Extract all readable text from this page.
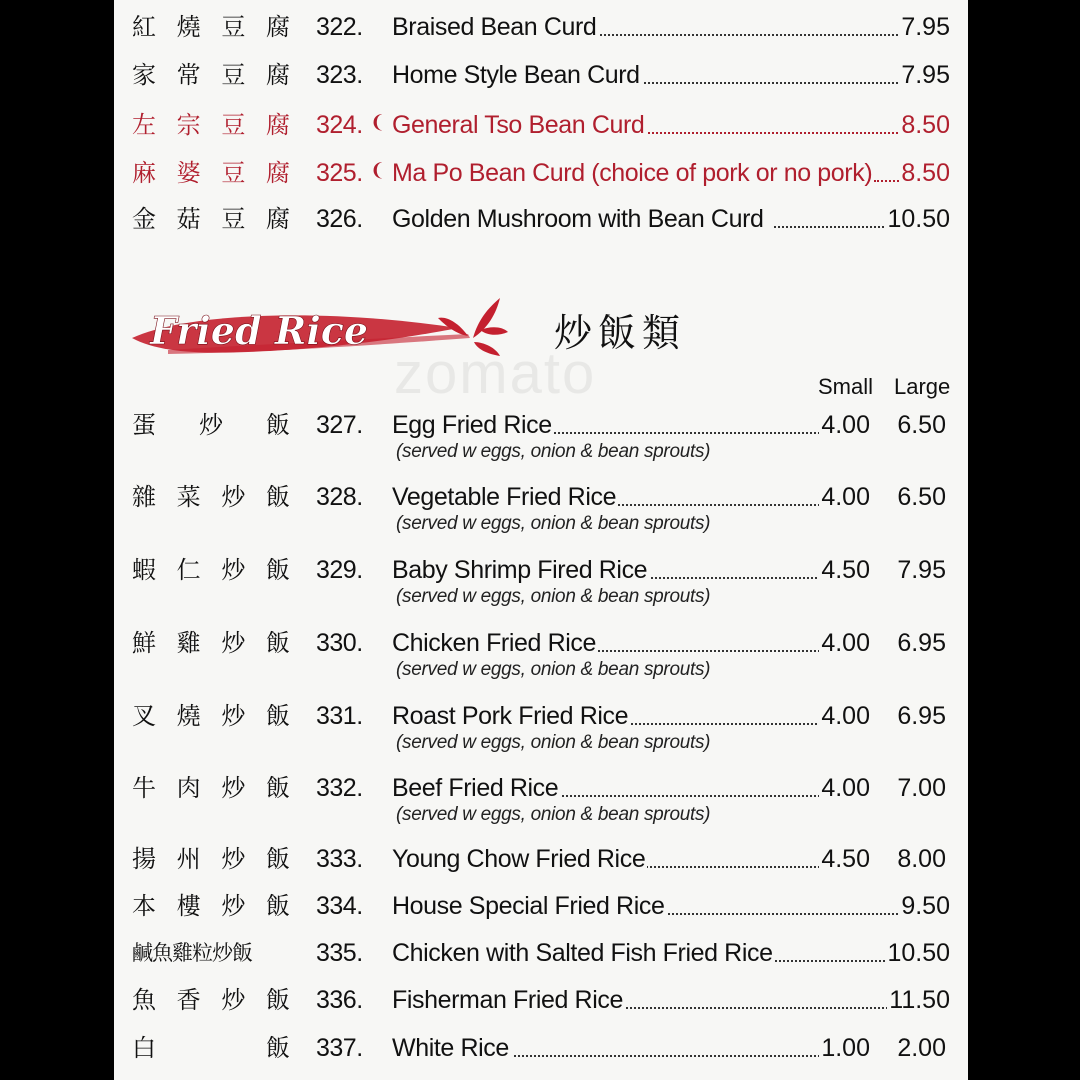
紅 燒 豆 腐 322. Braised Bean Curd	7.95
家 常 豆 腐 323. Home Style Bean Curd	7.95
左 宗 豆 腐 324. ❨ General Tso Bean Curd	8.50
麻 婆 豆 腐 325. ❨ Ma Po Bean Curd (choice of pork or no pork) 8.50
金 菇 豆 腐 326. Golden Mushroom with Bean Curd	10.50
Fried Rice	炒飯類
zomato	Small Large
蛋 炒 飯 327. Egg Fried Rice	4.00 6.50
(served w eggs, onion & bean sprouts)
雜 菜 炒 飯 328. Vegetable Fried Rice	4.00 6.50
(served w eggs, onion & bean sprouts)
蝦 仁 炒 飯 329. Baby Shrimp Fired Rice	4.50 7.95
(served w eggs, onion & bean sprouts)
鮮 雞 炒 飯 330. Chicken Fried Rice	4.00 6.95
(served w eggs, onion & bean sprouts)
叉 燒 炒 飯 331. Roast Pork Fried Rice	4.00 6.95
(served w eggs, onion & bean sprouts)
牛 肉 炒 飯 332. Beef Fried Rice	4.00 7.00
(served w eggs, onion & bean sprouts)
揚 州 炒 飯 333. Young Chow Fried Rice	4.50 8.00
本 樓 炒 飯 334. House Special Fried Rice	9.50
鹹魚雞粒炒飯	335. Chicken with Salted Fish Fried Rice	10.50
魚 香 炒 飯 336. Fisherman Fried Rice	11.50
白	飯 337. White Rice	1.00 2.00
